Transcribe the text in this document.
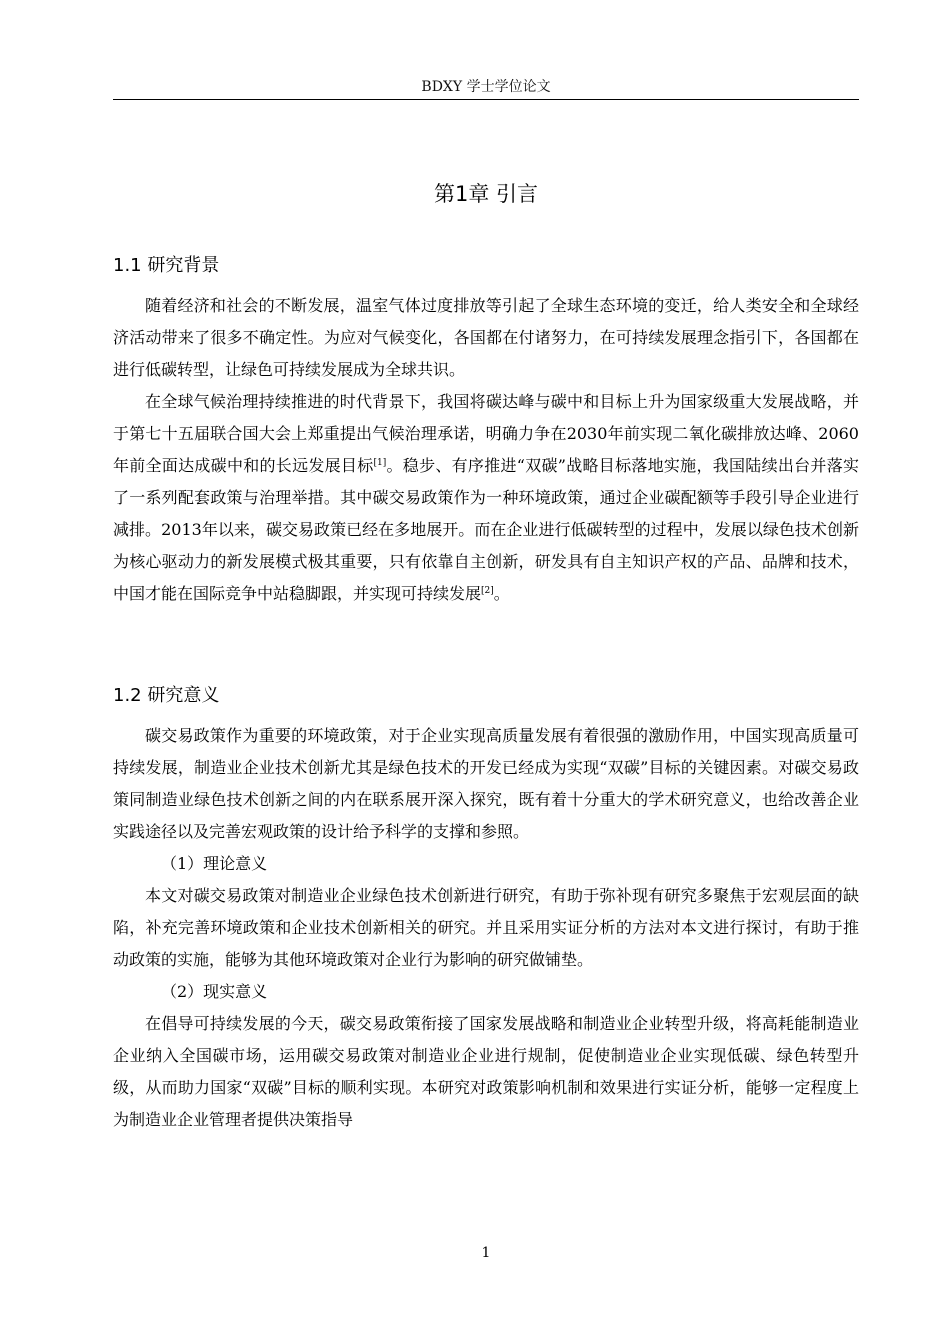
BDXY 学士学位论文
第1章 引言
1.1 研究背景

随着经济和社会的不断发展，温室气体过度排放等引起了全球生态环境的变迁，给人类安全和全球经济活动带来了很多不确定性。为应对气候变化，各国都在付诸努力，在可持续发展理念指引下，各国都在进行低碳转型，让绿色可持续发展成为全球共识。

在全球气候治理持续推进的时代背景下，我国将碳达峰与碳中和目标上升为国家级重大发展战略，并于第七十五届联合国大会上郑重提出气候治理承诺，明确力争在2030年前实现二氧化碳排放达峰、2060年前全面达成碳中和的长远发展目标[1]。稳步、有序推进“双碳”战略目标落地实施，我国陆续出台并落实了一系列配套政策与治理举措。其中碳交易政策作为一种环境政策，通过企业碳配额等手段引导企业进行减排。2013年以来，碳交易政策已经在多地展开。而在企业进行低碳转型的过程中，发展以绿色技术创新为核心驱动力的新发展模式极其重要，只有依靠自主创新，研发具有自主知识产权的产品、品牌和技术，中国才能在国际竞争中站稳脚跟，并实现可持续发展[2]。

1.2 研究意义

碳交易政策作为重要的环境政策，对于企业实现高质量发展有着很强的激励作用，中国实现高质量可持续发展，制造业企业技术创新尤其是绿色技术的开发已经成为实现“双碳”目标的关键因素。对碳交易政策同制造业绿色技术创新之间的内在联系展开深入探究，既有着十分重大的学术研究意义，也给改善企业实践途径以及完善宏观政策的设计给予科学的支撑和参照。

（1）理论意义

本文对碳交易政策对制造业企业绿色技术创新进行研究，有助于弥补现有研究多聚焦于宏观层面的缺陷，补充完善环境政策和企业技术创新相关的研究。并且采用实证分析的方法对本文进行探讨，有助于推动政策的实施，能够为其他环境政策对企业行为影响的研究做铺垫。

（2）现实意义

在倡导可持续发展的今天，碳交易政策衔接了国家发展战略和制造业企业转型升级，将高耗能制造业企业纳入全国碳市场，运用碳交易政策对制造业企业进行规制，促使制造业企业实现低碳、绿色转型升级，从而助力国家“双碳”目标的顺利实现。本研究对政策影响机制和效果进行实证分析，能够一定程度上为制造业企业管理者提供决策指导

1
